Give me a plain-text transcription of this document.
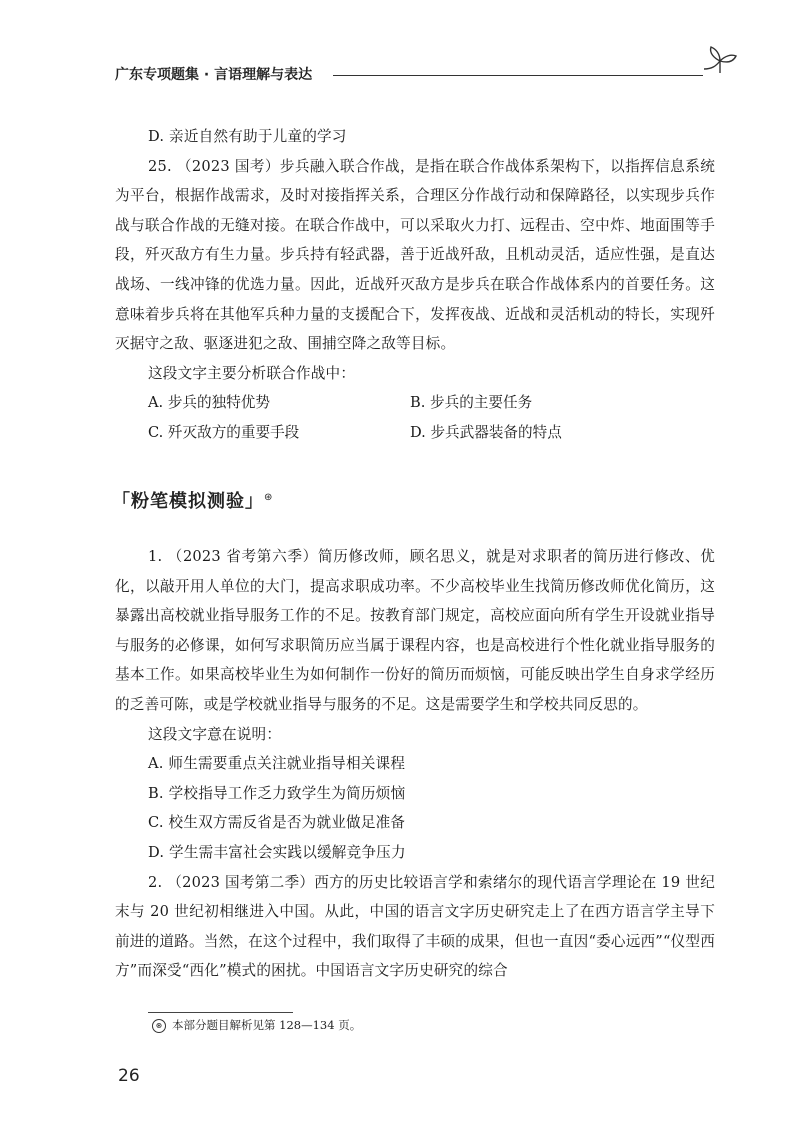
广东专项题集 · 言语理解与表达

D. 亲近自然有助于儿童的学习

25. （2023 国考）步兵融入联合作战，是指在联合作战体系架构下，以指挥信息系统为平台，根据作战需求，及时对接指挥关系，合理区分作战行动和保障路径，以实现步兵作战与联合作战的无缝对接。在联合作战中，可以采取火力打、远程击、空中炸、地面围等手段，歼灭敌方有生力量。步兵持有轻武器，善于近战歼敌，且机动灵活，适应性强，是直达战场、一线冲锋的优选力量。因此，近战歼灭敌方是步兵在联合作战体系内的首要任务。这意味着步兵将在其他军兵种力量的支援配合下，发挥夜战、近战和灵活机动的特长，实现歼灭据守之敌、驱逐进犯之敌、围捕空降之敌等目标。

这段文字主要分析联合作战中：

A. 步兵的独特优势	B. 步兵的主要任务
C. 歼灭敌方的重要手段	D. 步兵武器装备的特点
「粉笔模拟测验」⊛

1. （2023 省考第六季）简历修改师，顾名思义，就是对求职者的简历进行修改、优化，以敲开用人单位的大门，提高求职成功率。不少高校毕业生找简历修改师优化简历，这暴露出高校就业指导服务工作的不足。按教育部门规定，高校应面向所有学生开设就业指导与服务的必修课，如何写求职简历应当属于课程内容，也是高校进行个性化就业指导服务的基本工作。如果高校毕业生为如何制作一份好的简历而烦恼，可能反映出学生自身求学经历的乏善可陈，或是学校就业指导与服务的不足。这是需要学生和学校共同反思的。

这段文字意在说明：

A. 师生需要重点关注就业指导相关课程

B. 学校指导工作乏力致学生为简历烦恼

C. 校生双方需反省是否为就业做足准备

D. 学生需丰富社会实践以缓解竞争压力

2. （2023 国考第二季）西方的历史比较语言学和索绪尔的现代语言学理论在 19 世纪末与 20 世纪初相继进入中国。从此，中国的语言文字历史研究走上了在西方语言学主导下前进的道路。当然，在这个过程中，我们取得了丰硕的成果，但也一直因“委心远西”“仪型西方”而深受“西化”模式的困扰。中国语言文字历史研究的综合

⊛ 本部分题目解析见第 128—134 页。
26
